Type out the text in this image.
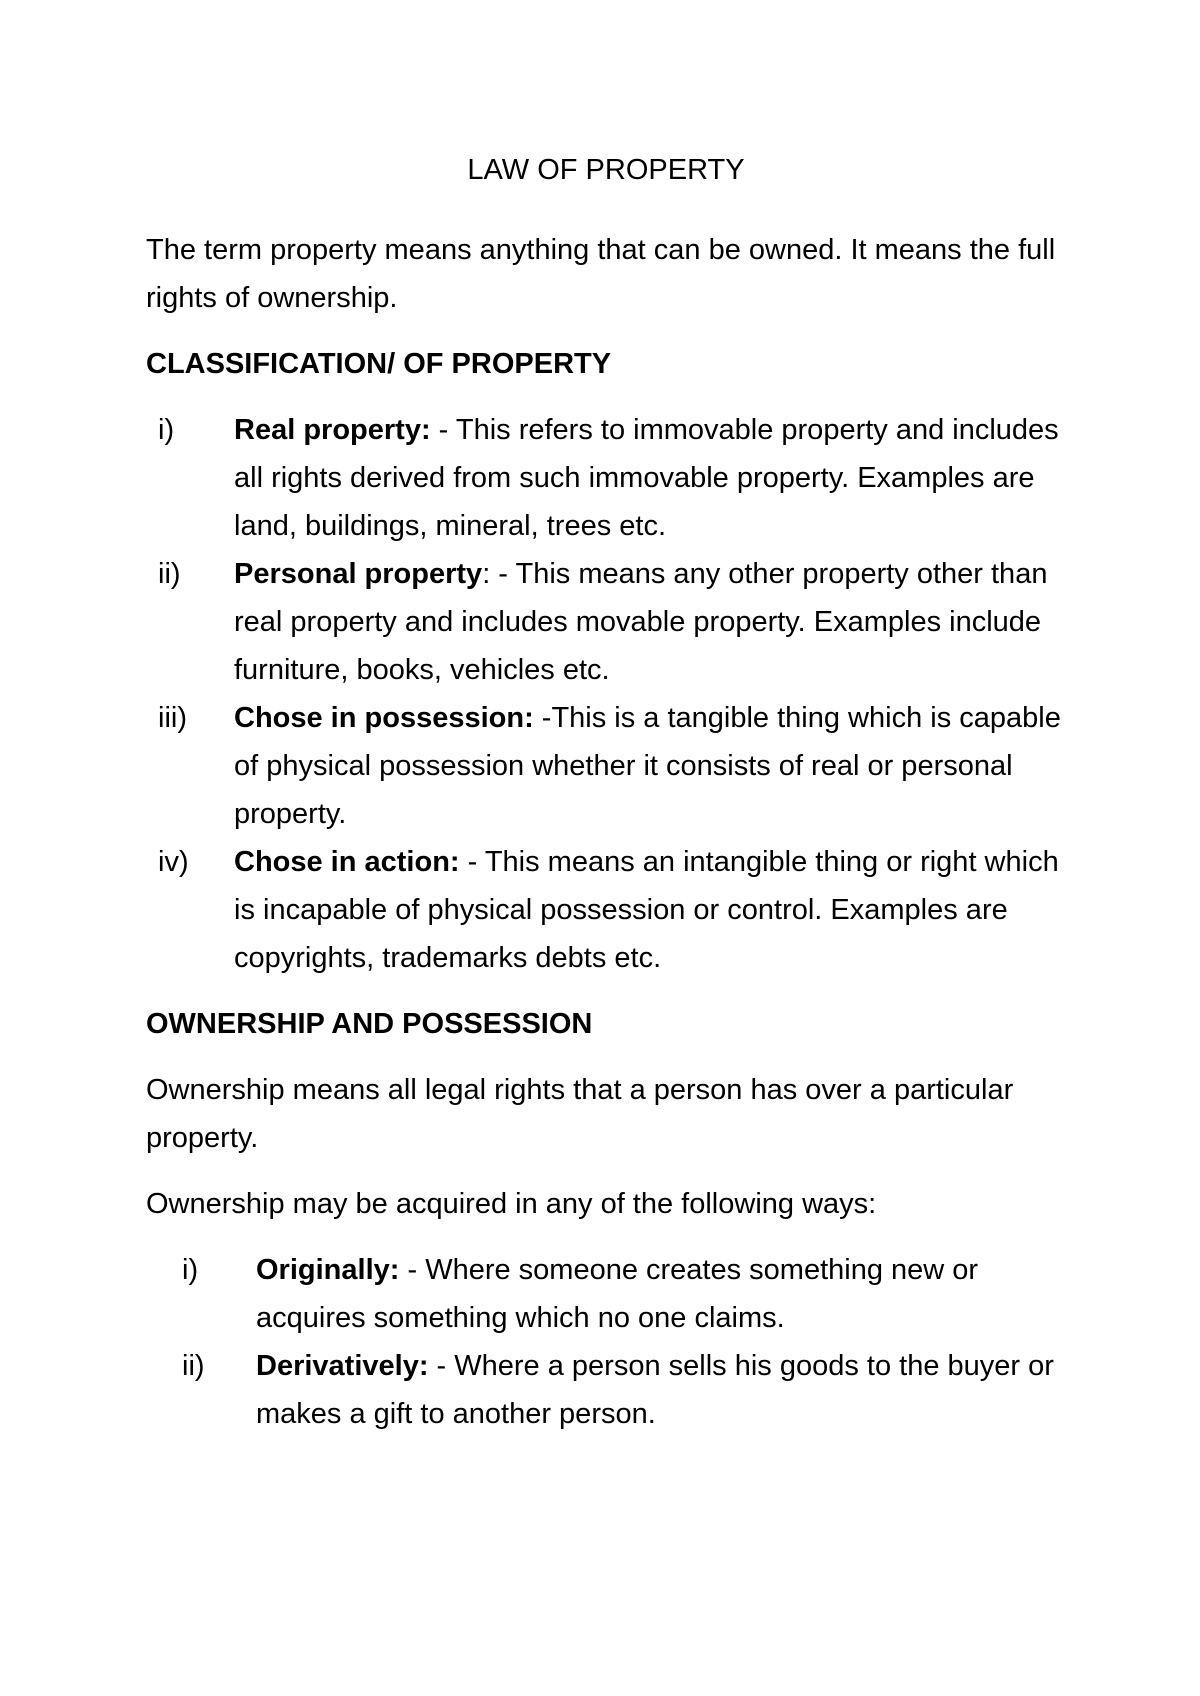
LAW OF PROPERTY

The term property means anything that can be owned. It means the full rights of ownership.

CLASSIFICATION/ OF PROPERTY
i) Real property: - This refers to immovable property and includes all rights derived from such immovable property. Examples are land, buildings, mineral, trees etc.
ii) Personal property: - This means any other property other than real property and includes movable property. Examples include furniture, books, vehicles etc.
iii) Chose in possession: -This is a tangible thing which is capable of physical possession whether it consists of real or personal property.
iv) Chose in action: - This means an intangible thing or right which is incapable of physical possession or control. Examples are copyrights, trademarks debts etc.
OWNERSHIP AND POSSESSION

Ownership means all legal rights that a person has over a particular property.

Ownership may be acquired in any of the following ways:

i) Originally: - Where someone creates something new or acquires something which no one claims.
ii) Derivatively: - Where a person sells his goods to the buyer or makes a gift to another person.
